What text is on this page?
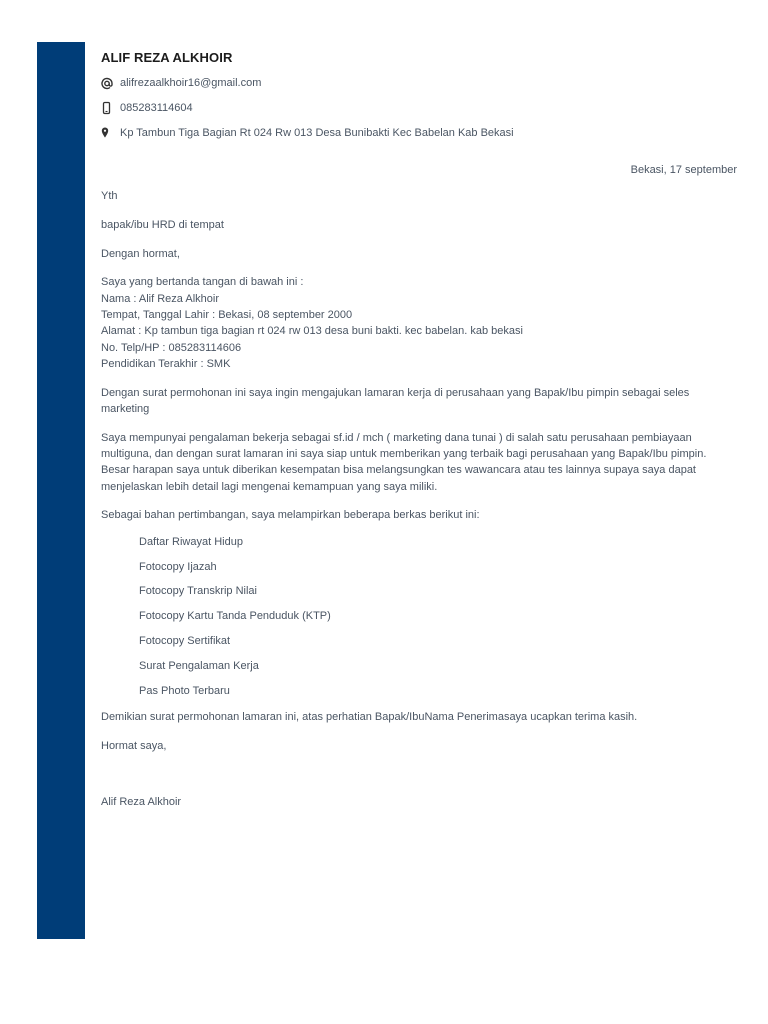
ALIF REZA ALKHOIR
alifrezaalkhoir16@gmail.com
085283114604
Kp Tambun Tiga Bagian Rt 024 Rw 013 Desa Bunibakti Kec Babelan Kab Bekasi
Bekasi, 17 september

Yth

bapak/ibu HRD di tempat

Dengan hormat,

Saya yang bertanda tangan di bawah ini :

Nama : Alif Reza Alkhoir

Tempat, Tanggal Lahir : Bekasi, 08 september 2000

Alamat : Kp tambun tiga bagian rt 024 rw 013 desa buni bakti. kec babelan. kab bekasi

No. Telp/HP : 085283114606

Pendidikan Terakhir : SMK

Dengan surat permohonan ini saya ingin mengajukan lamaran kerja di perusahaan yang Bapak/Ibu pimpin sebagai seles marketing

Saya mempunyai pengalaman bekerja sebagai sf.id / mch ( marketing dana tunai ) di salah satu perusahaan pembiayaan multiguna, dan dengan surat lamaran ini saya siap untuk memberikan yang terbaik bagi perusahaan yang Bapak/Ibu pimpin. Besar harapan saya untuk diberikan kesempatan bisa melangsungkan tes wawancara atau tes lainnya supaya saya dapat menjelaskan lebih detail lagi mengenai kemampuan yang saya miliki.

Sebagai bahan pertimbangan, saya melampirkan beberapa berkas berikut ini:

Daftar Riwayat Hidup
Fotocopy Ijazah
Fotocopy Transkrip Nilai
Fotocopy Kartu Tanda Penduduk (KTP)
Fotocopy Sertifikat
Surat Pengalaman Kerja
Pas Photo Terbaru

Demikian surat permohonan lamaran ini, atas perhatian Bapak/IbuNama Penerimasaya ucapkan terima kasih.

Hormat saya,

Alif Reza Alkhoir
